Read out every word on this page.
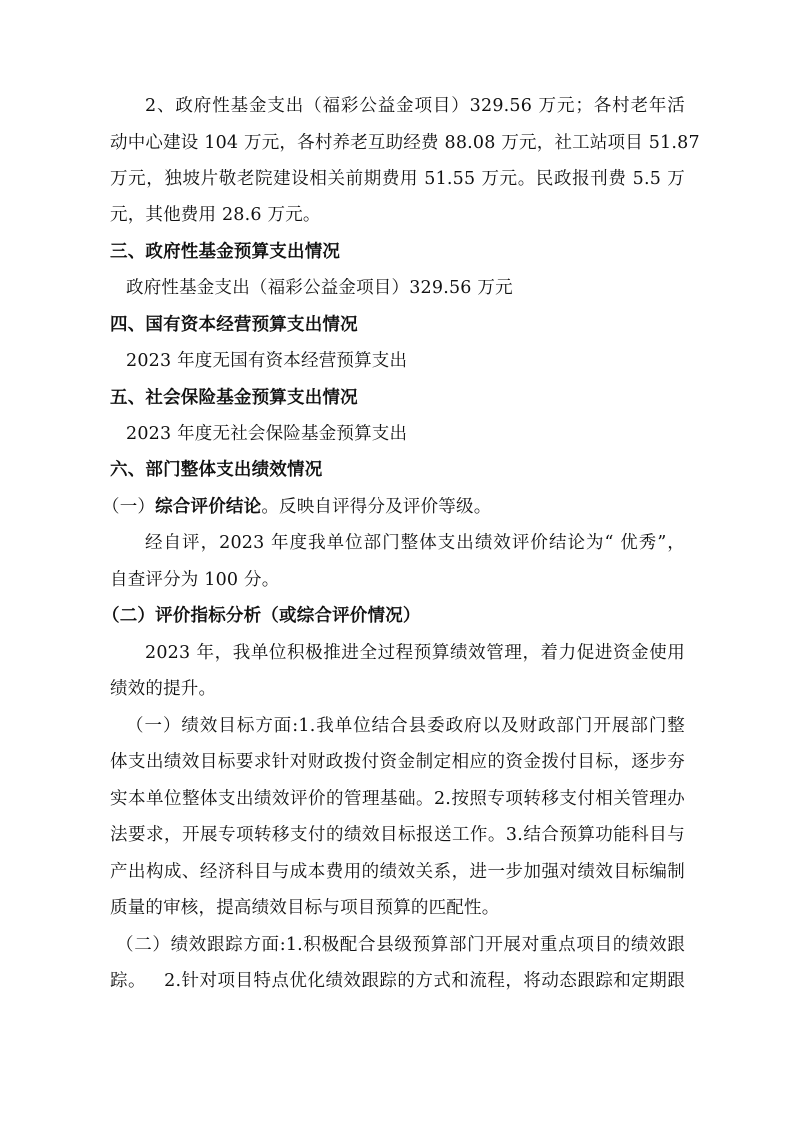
2、政府性基金支出（福彩公益金项目）329.56 万元；各村老年活
动中心建设 104 万元，各村养老互助经费 88.08 万元，社工站项目 51.87
万元，独坡片敬老院建设相关前期费用 51.55 万元。民政报刊费 5.5 万
元，其他费用 28.6 万元。
三、政府性基金预算支出情况
政府性基金支出（福彩公益金项目）329.56 万元
四、国有资本经营预算支出情况
2023 年度无国有资本经营预算支出
五、社会保险基金预算支出情况
2023 年度无社会保险基金预算支出
六、部门整体支出绩效情况
（一）综合评价结论。反映自评得分及评价等级。
经自评，2023 年度我单位部门整体支出绩效评价结论为“ 优秀”，
自查评分为 100 分。
（二）评价指标分析（或综合评价情况）
2023 年，我单位积极推进全过程预算绩效管理，着力促进资金使用
绩效的提升。
（一）绩效目标方面:1.我单位结合县委政府以及财政部门开展部门整
体支出绩效目标要求针对财政拨付资金制定相应的资金拨付目标，逐步夯
实本单位整体支出绩效评价的管理基础。2.按照专项转移支付相关管理办
法要求，开展专项转移支付的绩效目标报送工作。3.结合预算功能科目与
产出构成、经济科目与成本费用的绩效关系，进一步加强对绩效目标编制
质量的审核，提高绩效目标与项目预算的匹配性。
（二）绩效跟踪方面:1.积极配合县级预算部门开展对重点项目的绩效跟
踪。   2.针对项目特点优化绩效跟踪的方式和流程，将动态跟踪和定期跟
